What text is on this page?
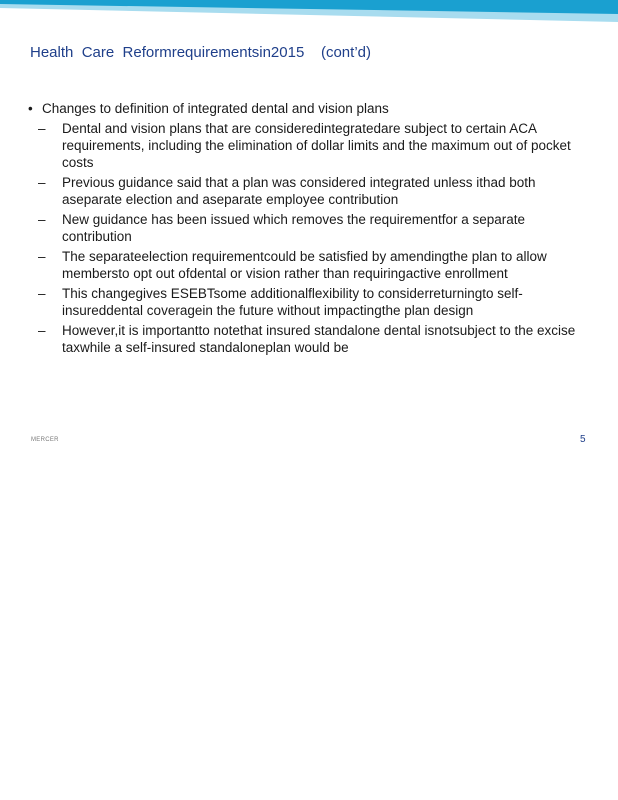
Health  Care  Reformrequirementsin2015    (cont’d)
• Changes to definition of integrated dental and vision plans
–	Dental and vision plans that are consideredintegratedare subject to certain ACA requirements, including the elimination of dollar limits and the maximum out of pocket costs
–	Previous guidance said that a plan was considered integrated unless ithad both aseparate election and aseparate employee contribution
–	New guidance has been issued which removes the requirementfor a separate contribution
–	The separateelection requirementcould be satisfied by amendingthe plan to allow membersto opt out ofdental or vision rather than requiringactive enrollment
–	This changegives ESEBTsome additionalflexibility to considerreturningto self-insureddental coveragein the future without impactingthe plan design
–	However,it is importantto notethat insured standalone dental isnotsubject to the excise taxwhile a self-insured standaloneplan would be
MERCER	5
